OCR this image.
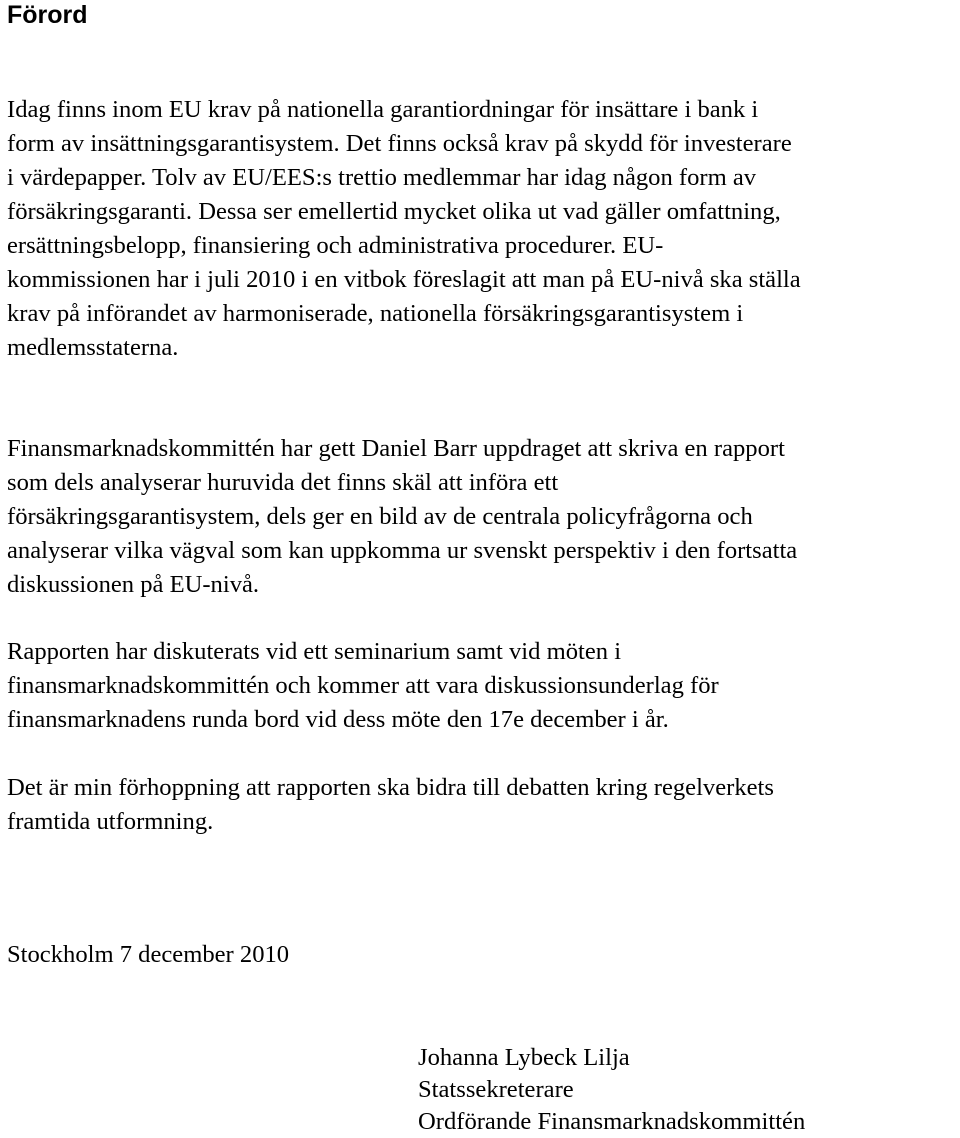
Förord

Idag finns inom EU krav på nationella garantiordningar för insättare i bank i
form av insättningsgarantisystem. Det finns också krav på skydd för investerare
i värdepapper. Tolv av EU/EES:s trettio medlemmar har idag någon form av
försäkringsgaranti. Dessa ser emellertid mycket olika ut vad gäller omfattning,
ersättningsbelopp, finansiering och administrativa procedurer. EU-
kommissionen har i juli 2010 i en vitbok föreslagit att man på EU-nivå ska ställa
krav på införandet av harmoniserade, nationella försäkringsgarantisystem i
medlemsstaterna.

Finansmarknadskommittén har gett Daniel Barr uppdraget att skriva en rapport
som dels analyserar huruvida det finns skäl att införa ett
försäkringsgarantisystem, dels ger en bild av de centrala policyfrågorna och
analyserar vilka vägval som kan uppkomma ur svenskt perspektiv i den fortsatta
diskussionen på EU-nivå.

Rapporten har diskuterats vid ett seminarium samt vid möten i
finansmarknadskommittén och kommer att vara diskussionsunderlag för
finansmarknadens runda bord vid dess möte den 17e december i år.

Det är min förhoppning att rapporten ska bidra till debatten kring regelverkets
framtida utformning.

Stockholm 7 december 2010

Johanna Lybeck Lilja
Statssekreterare
Ordförande Finansmarknadskommittén
